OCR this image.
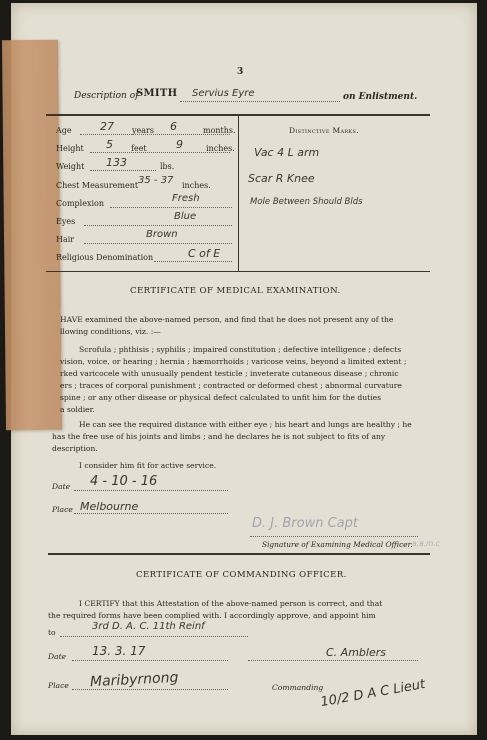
3
Description of
SMITH Servius Eyre	on Enlistment.
Age	27 years 6	months.
Height 5 feet	9	inches.
Weight 133	lbs.
Chest Measurement 35 - 37 inches.
Complexion	Fresh
Eyes	Blue
Hair	Brown
Religious Denomination	C of E
Distinctive Marks.
Vac 4 L arm
Scar R Knee
Mole Between Should Blds
CERTIFICATE OF MEDICAL EXAMINATION.
HAVE examined the above-named person, and find that he does not present any of the
llowing conditions, viz. :—
Scrofula ; phthisis ; syphilis ; impaired constitution ; defective intelligence ; defects
vision, voice, or hearing ; hernia ; hæmorrhoids ; varicose veins, beyond a limited extent ;
rked varicocele with unusually pendent testicle ; inveterate cutaneous disease ; chronic
ers ; traces of corporal punishment ; contracted or deformed chest ; abnormal curvature
spine ; or any other disease or physical defect calculated to unfit him for the duties
a soldier.
He can see the required distance with either eye ; his heart and lungs are healthy ; he
has the free use of his joints and limbs ; and he declares he is not subject to fits of any
description.
I consider him fit for active service.
Date 4 - 10 - 16
Place Melbourne
D. J. Brown Capt
Signature of Examining Medical Officer. a.a.m.c
CERTIFICATE OF COMMANDING OFFICER.
I CERTIFY that this Attestation of the above-named person is correct, and that
the required forms have been complied with. I accordingly approve, and appoint him
to
3rd D. A. C. 11th Reinf
Date 13. 3. 17	C. Amblers
Place Maribyrnong	Commanding
10/2 D A C Lieut
